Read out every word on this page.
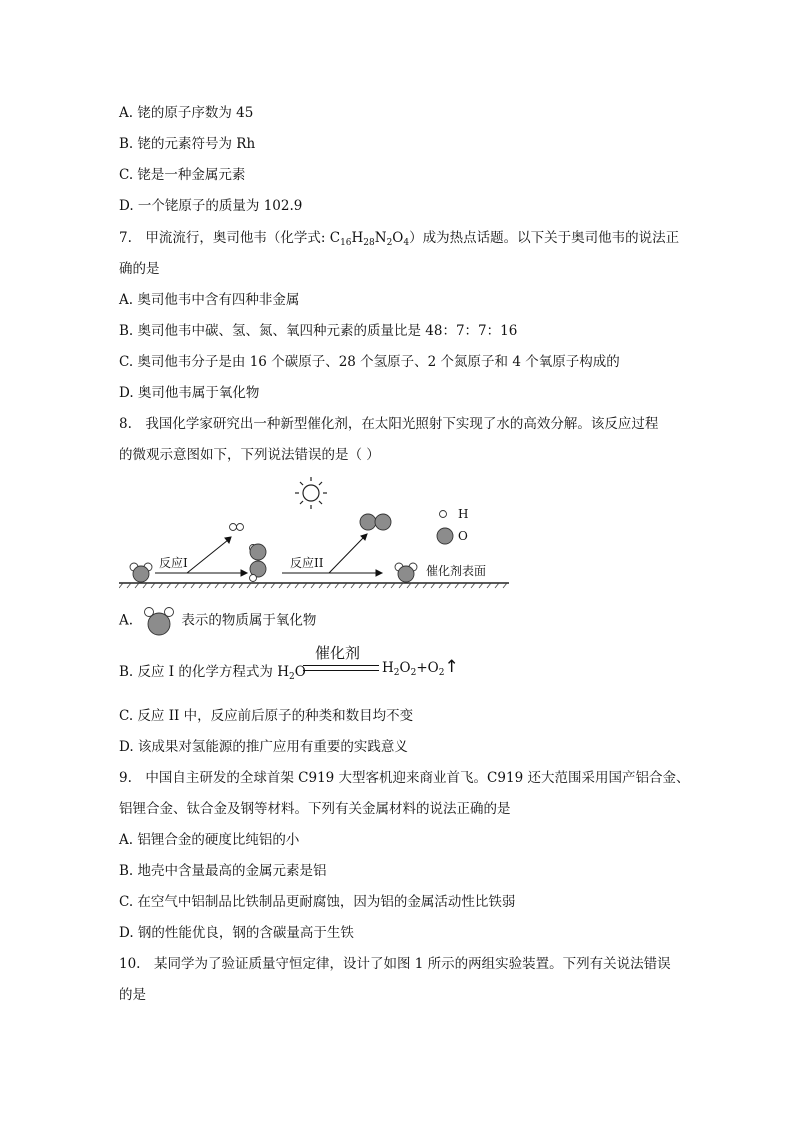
A. 铑的原子序数为 45
B. 铑的元素符号为 Rh
C. 铑是一种金属元素
D. 一个铑原子的质量为 102.9
7.　甲流流行，奥司他韦（化学式: $C_{16}H_{28}N_2O_4$）成为热点话题。以下关于奥司他韦的说法正
确的是
A. 奥司他韦中含有四种非金属
B. 奥司他韦中碳、氢、氮、氧四种元素的质量比是 48：7：7：16
C. 奥司他韦分子是由 16 个碳原子、28 个氢原子、2 个氮原子和 4 个氧原子构成的
D. 奥司他韦属于氧化物
8.　我国化学家研究出一种新型催化剂，在太阳光照射下实现了水的高效分解。该反应过程
的微观示意图如下，下列说法错误的是（ ）
反应I	反应II
H
O
催化剂表面
A.	表示的物质属于氧化物
B. 反应 I 的化学方程式为 $H_2O$
催化剂
$H_2O_2+O_2↑$
C. 反应 II 中，反应前后原子的种类和数目均不变
D. 该成果对氢能源的推广应用有重要的实践意义
9.　中国自主研发的全球首架 C919 大型客机迎来商业首飞。C919 还大范围采用国产铝合金、
铝锂合金、钛合金及钢等材料。下列有关金属材料的说法正确的是
A. 铝锂合金的硬度比纯铝的小
B. 地壳中含量最高的金属元素是铝
C. 在空气中铝制品比铁制品更耐腐蚀，因为铝的金属活动性比铁弱
D. 钢的性能优良，钢的含碳量高于生铁
10.　某同学为了验证质量守恒定律，设计了如图 1 所示的两组实验装置。下列有关说法错误
的是
